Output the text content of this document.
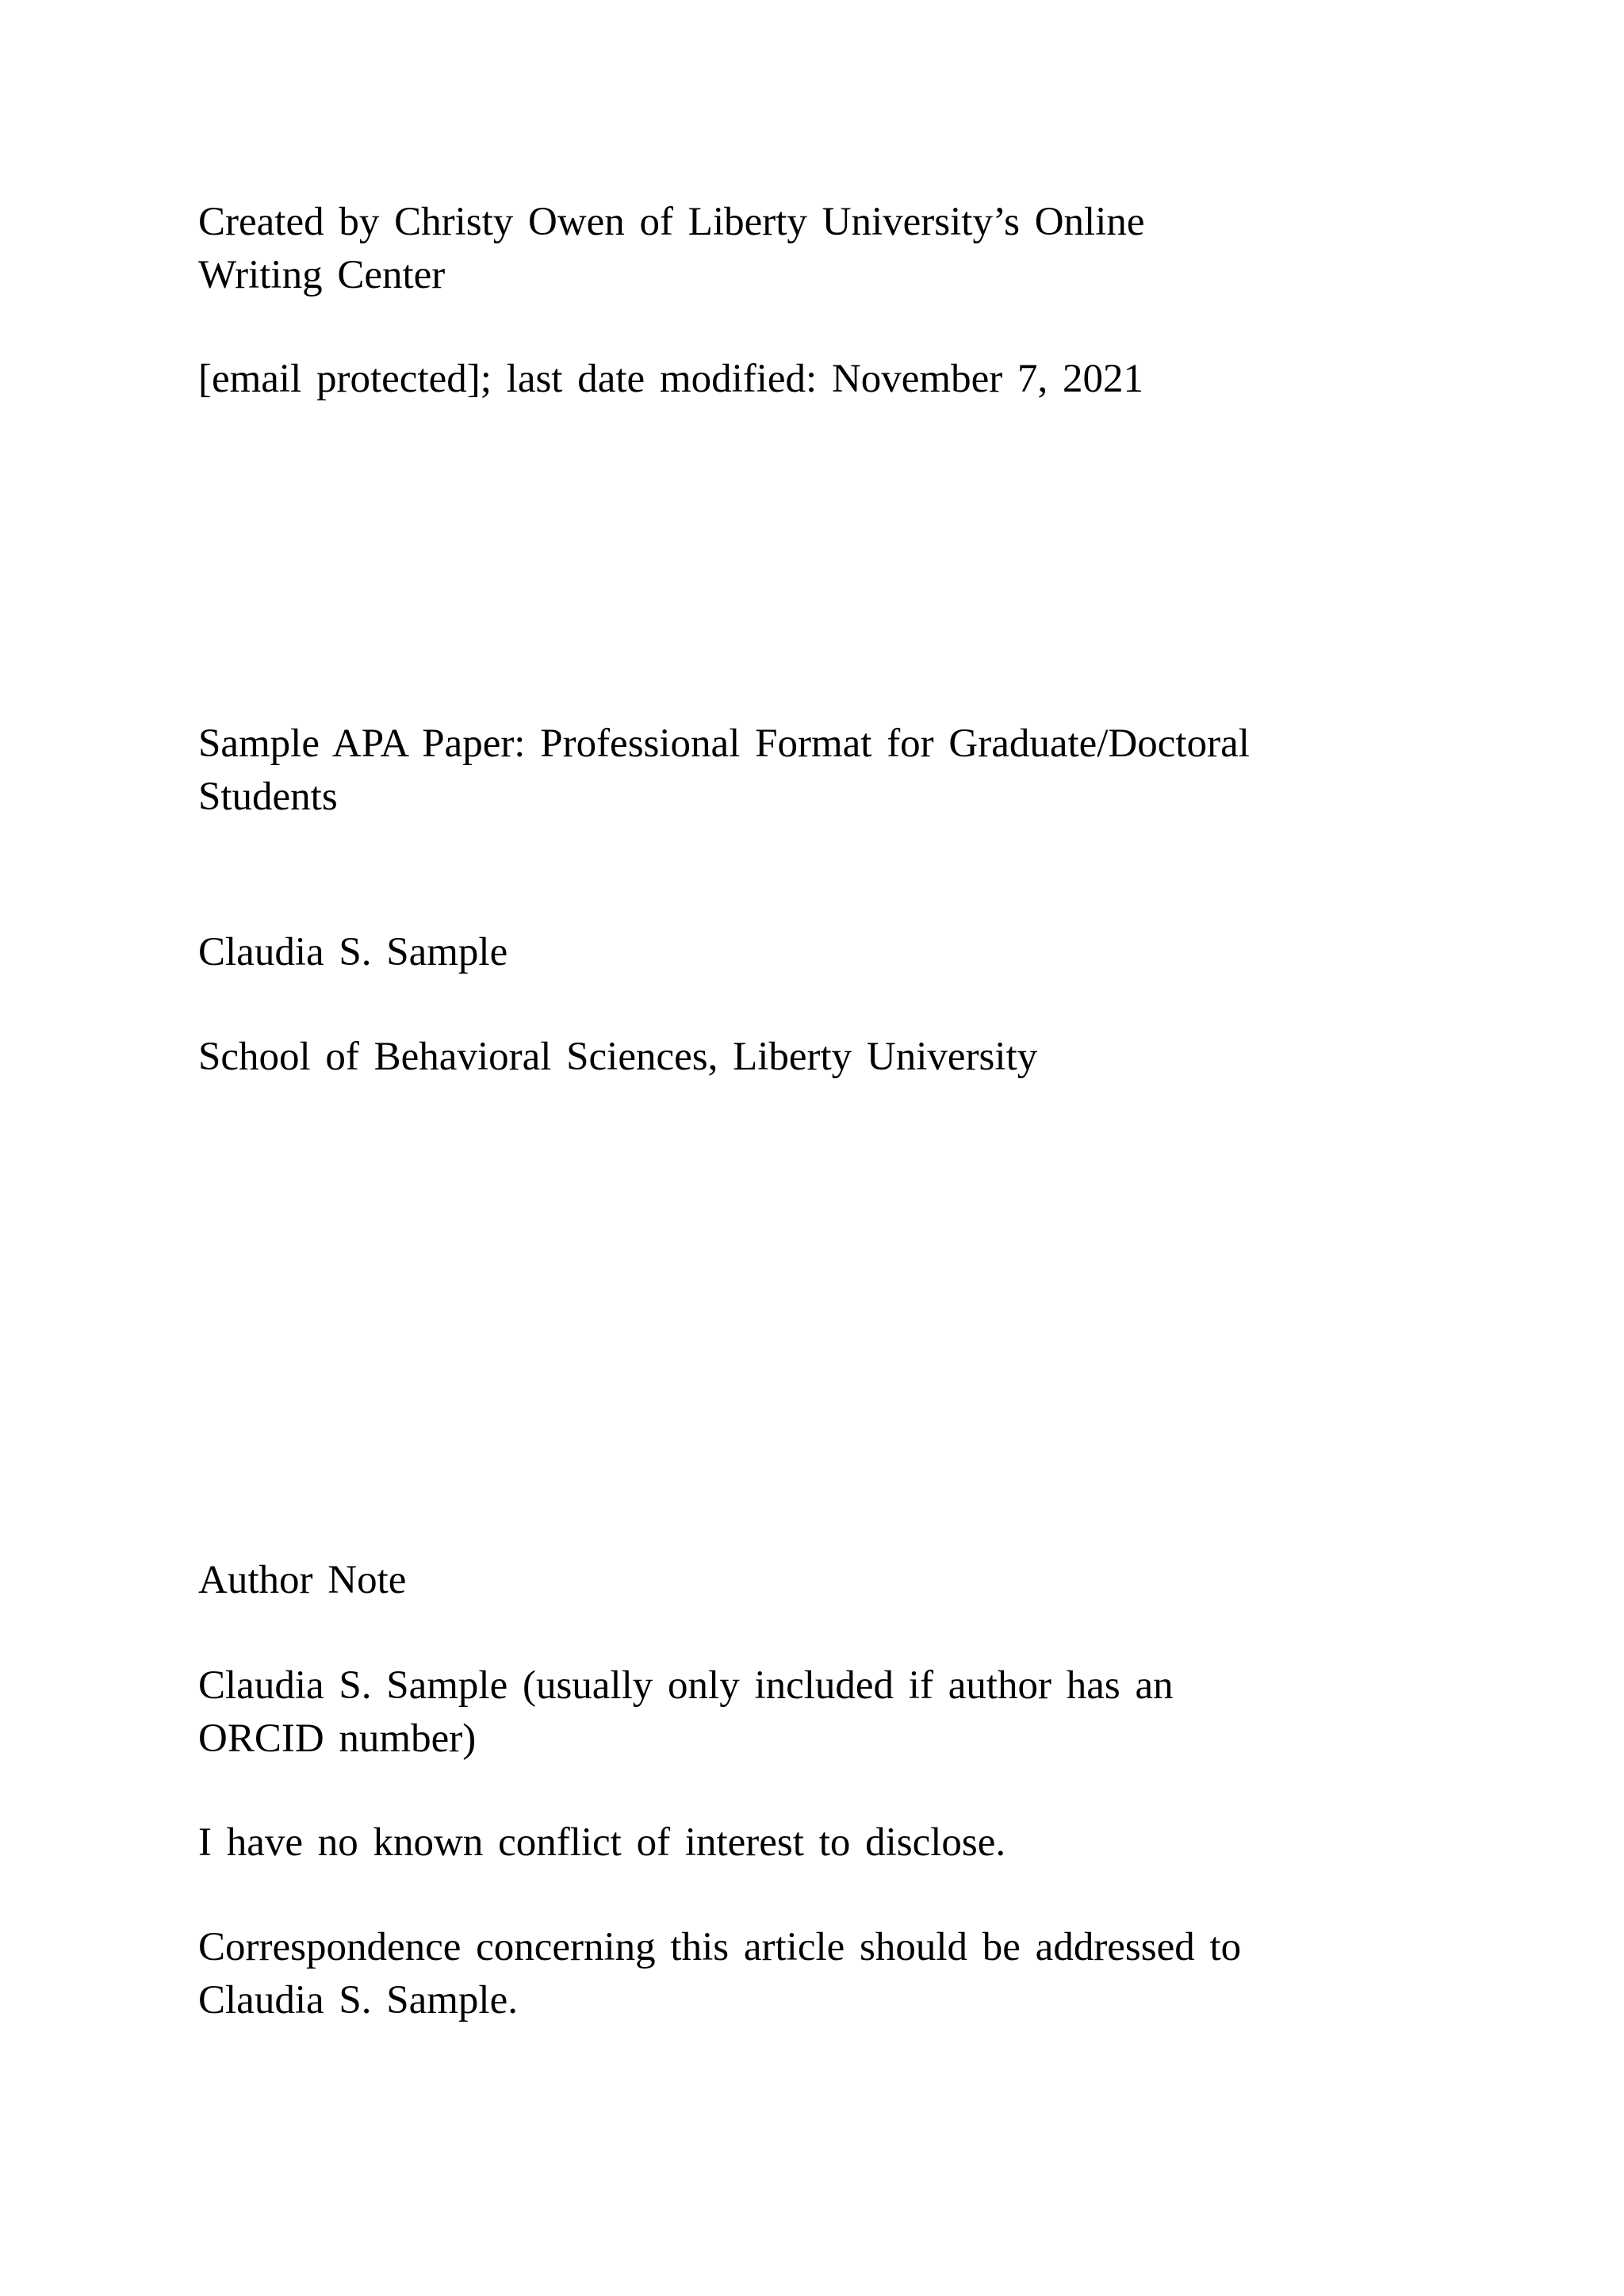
Created by Christy Owen of Liberty University’s Online
Writing Center

[email protected]; last date modified: November 7, 2021

Sample APA Paper: Professional Format for Graduate/Doctoral
Students

Claudia S. Sample

School of Behavioral Sciences, Liberty University

Author Note

Claudia S. Sample (usually only included if author has an
ORCID number)

I have no known conflict of interest to disclose.

Correspondence concerning this article should be addressed to
Claudia S. Sample.
